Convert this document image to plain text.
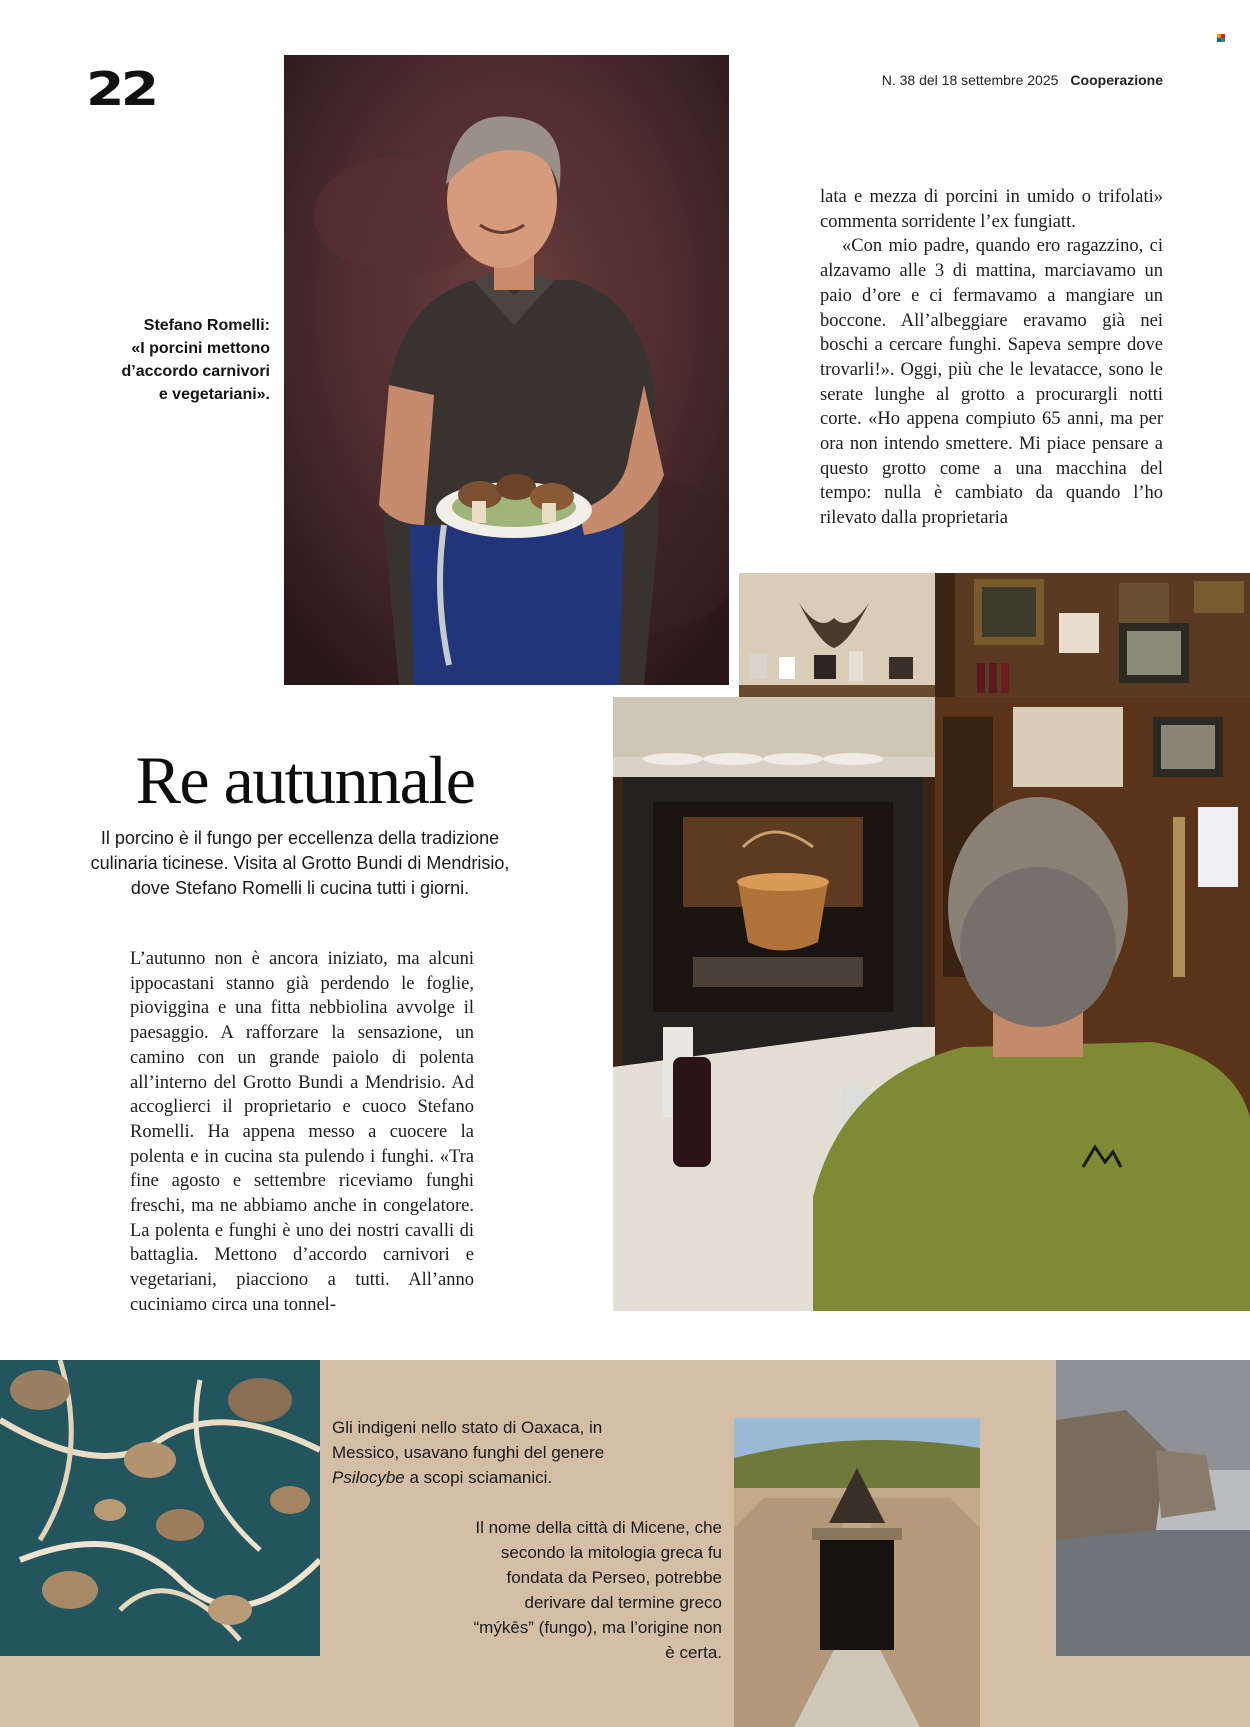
22	N. 38 del 18 settembre 2025 Cooperazione
Stefano Romelli:
«I porcini mettono
d’accordo carnivori
e vegetariani».

lata e mezza di porcini in umido o trifolati» commenta sorridente l’ex fungiatt.

«Con mio padre, quando ero ragazzino, ci alzavamo alle 3 di mattina, marciavamo un paio d’ore e ci fermavamo a mangiare un boccone. All’albeggiare eravamo già nei boschi a cercare funghi. Sapeva sempre dove trovarli!». Oggi, più che le levatacce, sono le serate lunghe al grotto a procurargli notti corte. «Ho appena compiuto 65 anni, ma per ora non intendo smettere. Mi piace pensare a questo grotto come a una macchina del tempo: nulla è cambiato da quando l’ho rilevato dalla proprietaria

Re autunnale
Il porcino è il fungo per eccellenza della tradizione culinaria ticinese. Visita al Grotto Bundi di Mendrisio, dove Stefano Romelli li cucina tutti i giorni.

L’autunno non è ancora iniziato, ma alcuni ippocastani stanno già perdendo le foglie, pioviggina e una fitta nebbiolina avvolge il paesaggio. A rafforzare la sensazione, un camino con un grande paiolo di polenta all’interno del Grotto Bundi a Mendrisio. Ad accoglierci il proprietario e cuoco Stefano Romelli. Ha appena messo a cuocere la polenta e in cucina sta pulendo i funghi. «Tra fine agosto e settembre riceviamo funghi freschi, ma ne abbiamo anche in congelatore. La polenta e funghi è uno dei nostri cavalli di battaglia. Mettono d’accordo carnivori e vegetariani, piacciono a tutti. All’anno cuciniamo circa una tonnel-

Gli indigeni nello stato di Oaxaca, in Messico, usavano funghi del genere Psilocybe a scopi sciamanici.
Il nome della città di Micene, che secondo la mitologia greca fu fondata da Perseo, potrebbe derivare dal termine greco “mýkēs” (fungo), ma l’origine non è certa.
